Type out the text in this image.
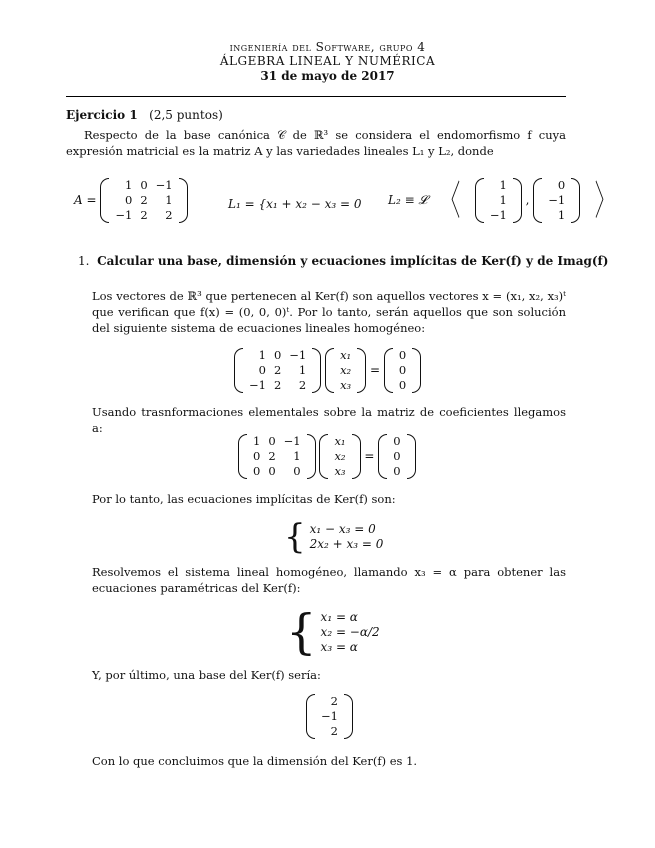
ingeniería del Software, grupo 4
ÁLGEBRA LINEAL Y NUMÉRICA
31 de mayo de 2017
Ejercicio 1 (2,5 puntos)
Respecto de la base canónica 𝒞 de ℝ³ se considera el endomorfismo f cuya expresión matricial es la matriz A y las variedades lineales L₁ y L₂, donde
A =
1	0	−1
0	2	1
−1	2	2
L₁ = {x₁ + x₂ − x₃ = 0 L₂ ≡ 𝓛 〈	1
1
−1
,
0
−1
1 〉
1. Calcular una base, dimensión y ecuaciones implícitas de Ker(f) y de Imag(f)
Los vectores de ℝ³ que pertenecen al Ker(f) son aquellos vectores x = (x₁, x₂, x₃)ᵗ que verifican que f(x) = (0, 0, 0)ᵗ. Por lo tanto, serán aquellos que son solución del siguiente sistema de ecuaciones lineales homogéneo:
1	0	−1
0	2	1
−1	2	2

x₁
x₂
x₃
=
0
0
0
Usando trasnformaciones elementales sobre la matriz de coeficientes llegamos a:
1	0	−1
0	2	1
0	0	0

x₁
x₂
x₃
=
0
0
0
Por lo tanto, las ecuaciones implícitas de Ker(f) son:
{ x₁ − x₃ = 0
2x₂ + x₃ = 0
Resolvemos el sistema lineal homogéneo, llamando x₃ = α para obtener las ecuaciones paramétricas del Ker(f):
{ x₁ = α
x₂ = −α/2
x₃ = α
Y, por último, una base del Ker(f) sería:
2
−1
2
Con lo que concluimos que la dimensión del Ker(f) es 1.
